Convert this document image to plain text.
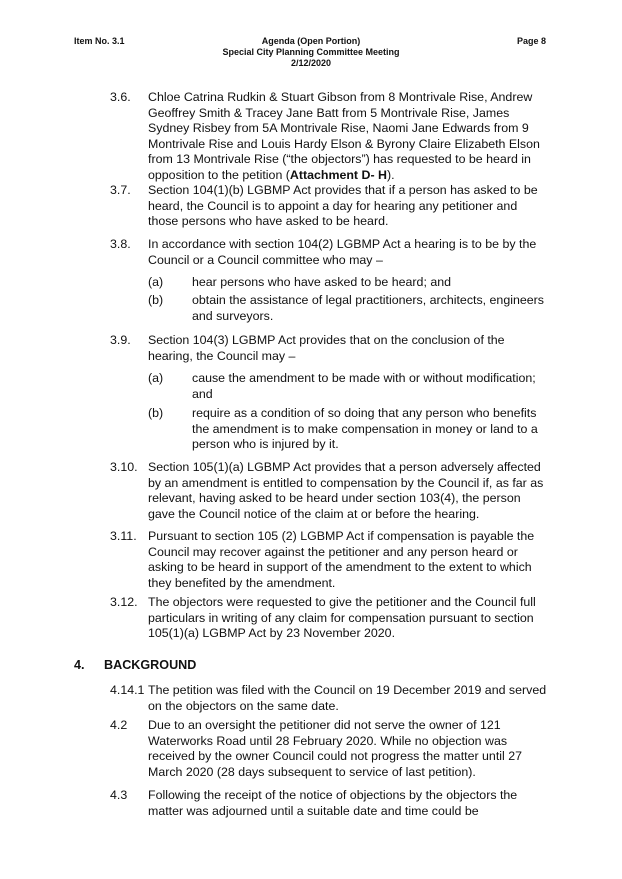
Item No. 3.1	Agenda (Open Portion)
Special City Planning Committee Meeting
2/12/2020
Page 8
3.6. Chloe Catrina Rudkin & Stuart Gibson from 8 Montrivale Rise, Andrew Geoffrey Smith & Tracey Jane Batt from 5 Montrivale Rise, James Sydney Risbey from 5A Montrivale Rise, Naomi Jane Edwards from 9 Montrivale Rise and Louis Hardy Elson & Byrony Claire Elizabeth Elson from 13 Montrivale Rise (“the objectors”) has requested to be heard in opposition to the petition (Attachment D- H).
3.7. Section 104(1)(b) LGBMP Act provides that if a person has asked to be heard, the Council is to appoint a day for hearing any petitioner and those persons who have asked to be heard.
3.8. In accordance with section 104(2) LGBMP Act a hearing is to be by the Council or a Council committee who may –
(a) hear persons who have asked to be heard; and
(b) obtain the assistance of legal practitioners, architects, engineers and surveyors.
3.9. Section 104(3) LGBMP Act provides that on the conclusion of the hearing, the Council may –
(a) cause the amendment to be made with or without modification; and
(b) require as a condition of so doing that any person who benefits the amendment is to make compensation in money or land to a person who is injured by it.
3.10. Section 105(1)(a) LGBMP Act provides that a person adversely affected by an amendment is entitled to compensation by the Council if, as far as relevant, having asked to be heard under section 103(4), the person gave the Council notice of the claim at or before the hearing.
3.11. Pursuant to section 105 (2) LGBMP Act if compensation is payable the Council may recover against the petitioner and any person heard or asking to be heard in support of the amendment to the extent to which they benefited by the amendment.
3.12. The objectors were requested to give the petitioner and the Council full particulars in writing of any claim for compensation pursuant to section 105(1)(a) LGBMP Act by 23 November 2020.
4. BACKGROUND
4.14.1 The petition was filed with the Council on 19 December 2019 and served on the objectors on the same date.
4.2 Due to an oversight the petitioner did not serve the owner of 121 Waterworks Road until 28 February 2020. While no objection was received by the owner Council could not progress the matter until 27 March 2020 (28 days subsequent to service of last petition).
4.3 Following the receipt of the notice of objections by the objectors the matter was adjourned until a suitable date and time could be
